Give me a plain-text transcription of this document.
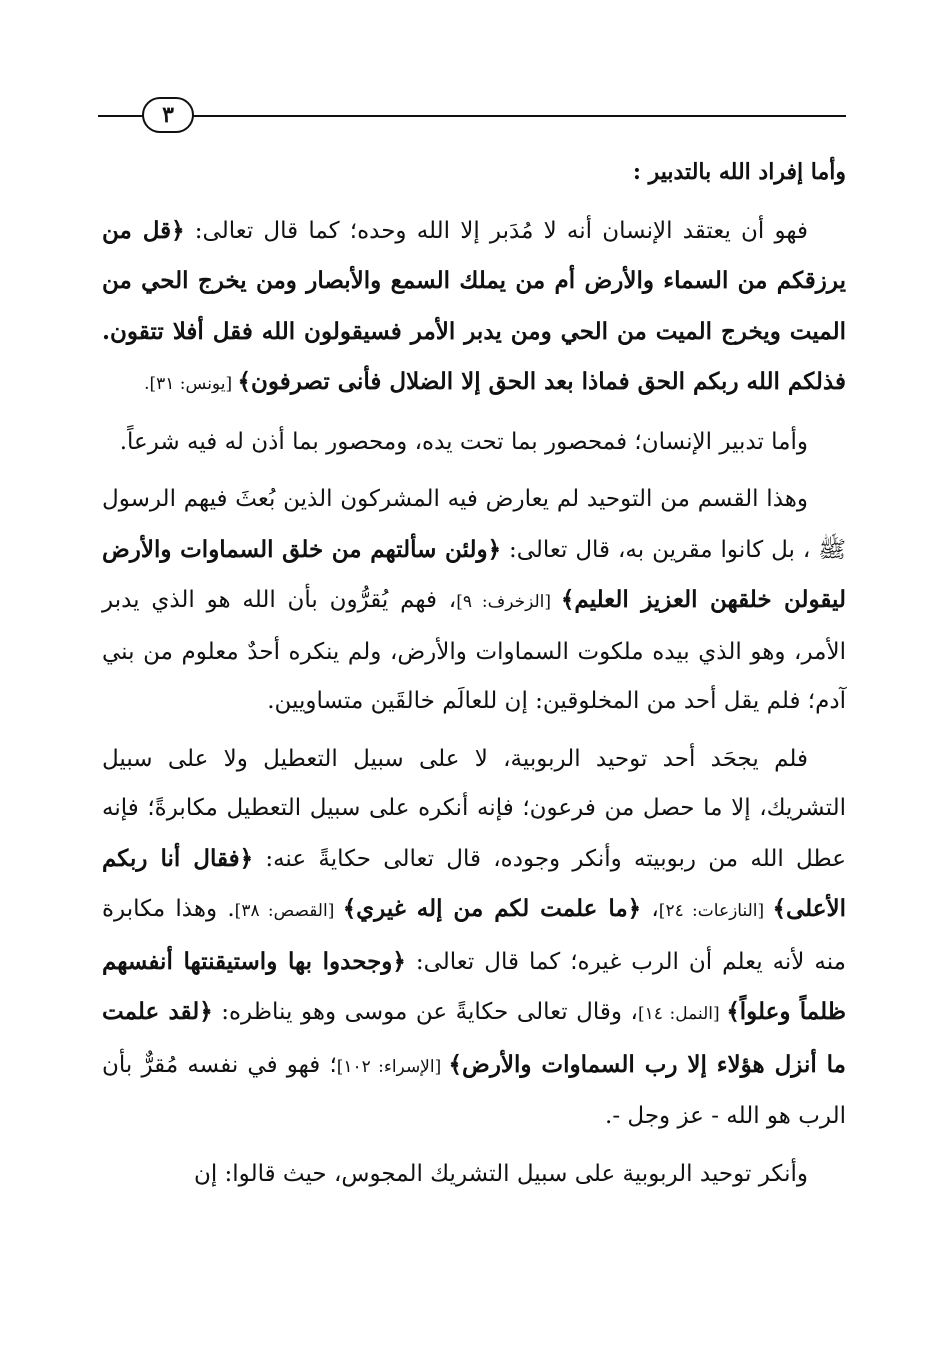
٣

وأما إفراد الله بالتدبير :

فهو أن يعتقد الإنسان أنه لا مُدَبر إلا الله وحده؛ كما قال تعالى: ﴿قل من يرزقكم من السماء والأرض أم من يملك السمع والأبصار ومن يخرج الحي من الميت ويخرج الميت من الحي ومن يدبر الأمر فسيقولون الله فقل أفلا تتقون. فذلكم الله ربكم الحق فماذا بعد الحق إلا الضلال فأنى تصرفون﴾ [يونس: ٣١].

وأما تدبير الإنسان؛ فمحصور بما تحت يده، ومحصور بما أذن له فيه شرعاً.

وهذا القسم من التوحيد لم يعارض فيه المشركون الذين بُعثَ فيهم الرسول ﷺ ، بل كانوا مقرين به، قال تعالى: ﴿ولئن سألتهم من خلق السماوات والأرض ليقولن خلقهن العزيز العليم﴾ [الزخرف: ٩]، فهم يُقرُّون بأن الله هو الذي يدبر الأمر، وهو الذي بيده ملكوت السماوات والأرض، ولم ينكره أحدٌ معلوم من بني آدم؛ فلم يقل أحد من المخلوقين: إن للعالَم خالقَين متساويين.

فلم يجحَد أحد توحيد الربوبية، لا على سبيل التعطيل ولا على سبيل التشريك، إلا ما حصل من فرعون؛ فإنه أنكره على سبيل التعطيل مكابرةً؛ فإنه عطل الله من ربوبيته وأنكر وجوده، قال تعالى حكايةً عنه: ﴿فقال أنا ربكم الأعلى﴾ [النازعات: ٢٤]، ﴿ما علمت لكم من إله غيري﴾ [القصص: ٣٨]. وهذا مكابرة منه لأنه يعلم أن الرب غيره؛ كما قال تعالى: ﴿وجحدوا بها واستيقنتها أنفسهم ظلماً وعلواً﴾ [النمل: ١٤]، وقال تعالى حكايةً عن موسى وهو يناظره: ﴿لقد علمت ما أنزل هؤلاء إلا رب السماوات والأرض﴾ [الإسراء: ١٠٢]؛ فهو في نفسه مُقرٌّ بأن الرب هو الله - عز وجل -.

وأنكر توحيد الربوبية على سبيل التشريك المجوس، حيث قالوا: إن
